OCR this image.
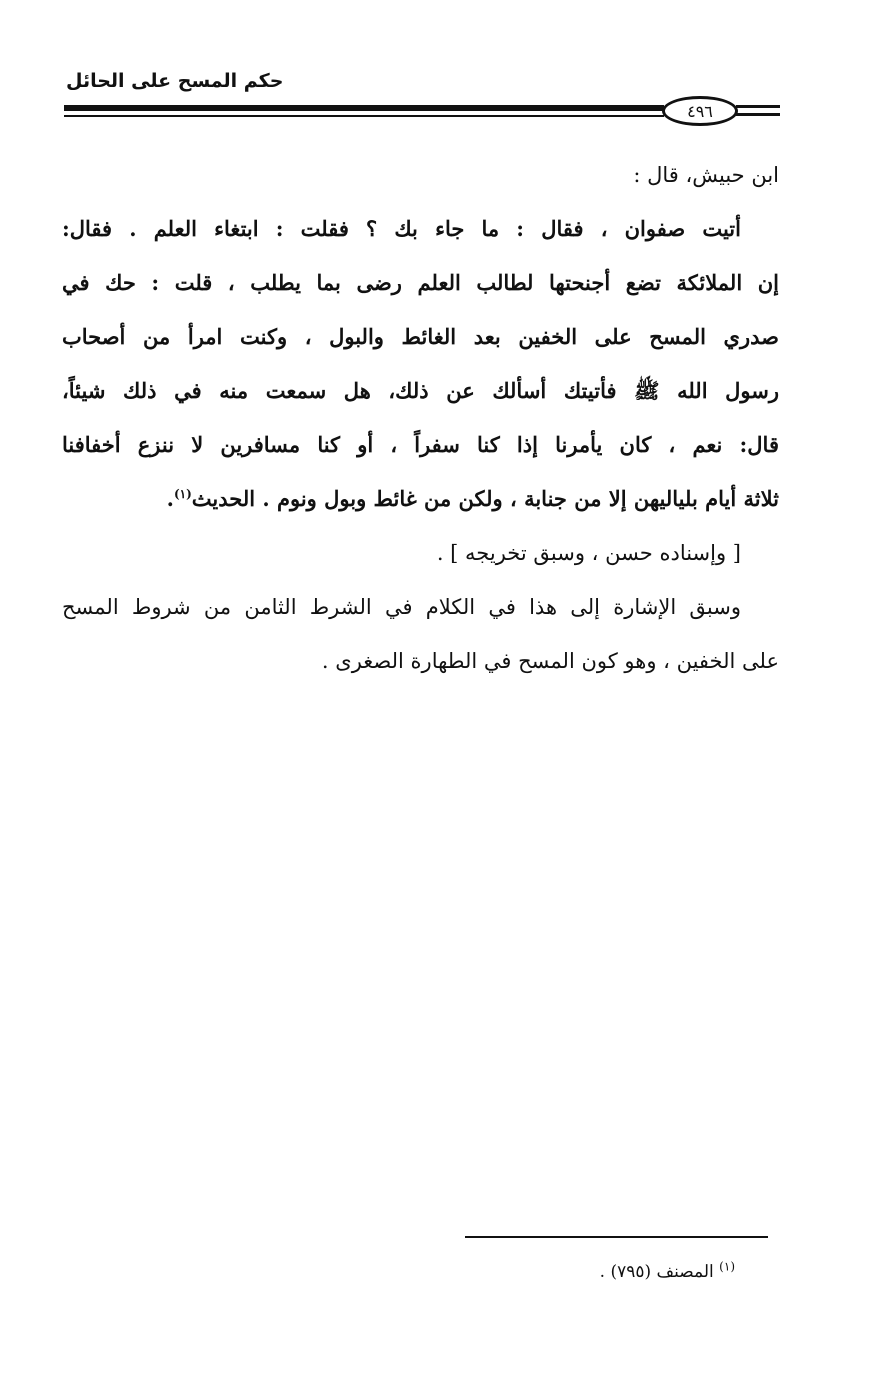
حكم المسح على الحائل
٤٩٦
ابن حبيش، قال :
أتيت صفوان ، فقال : ما جاء بك ؟ فقلت : ابتغاء العلم . فقال:
إن الملائكة تضع أجنحتها لطالب العلم رضى بما يطلب ، قلت : حك في
صدري المسح على الخفين بعد الغائط والبول ، وكنت امرأ من أصحاب
رسول الله ﷺ فأتيتك أسألك عن ذلك، هل سمعت منه في ذلك شيئاً،
قال: نعم ، كان يأمرنا إذا كنا سفراً ، أو كنا مسافرين لا ننزع أخفافنا
ثلاثة أيام بلياليهن إلا من جنابة ، ولكن من غائط وبول ونوم . الحديث$^{(١)}$.
[ وإسناده حسن ، وسبق تخريجه ] .
وسبق الإشارة إلى هذا في الكلام في الشرط الثامن من شروط المسح
على الخفين ، وهو كون المسح في الطهارة الصغرى .
$^{(١)}$ المصنف (٧٩٥) .
